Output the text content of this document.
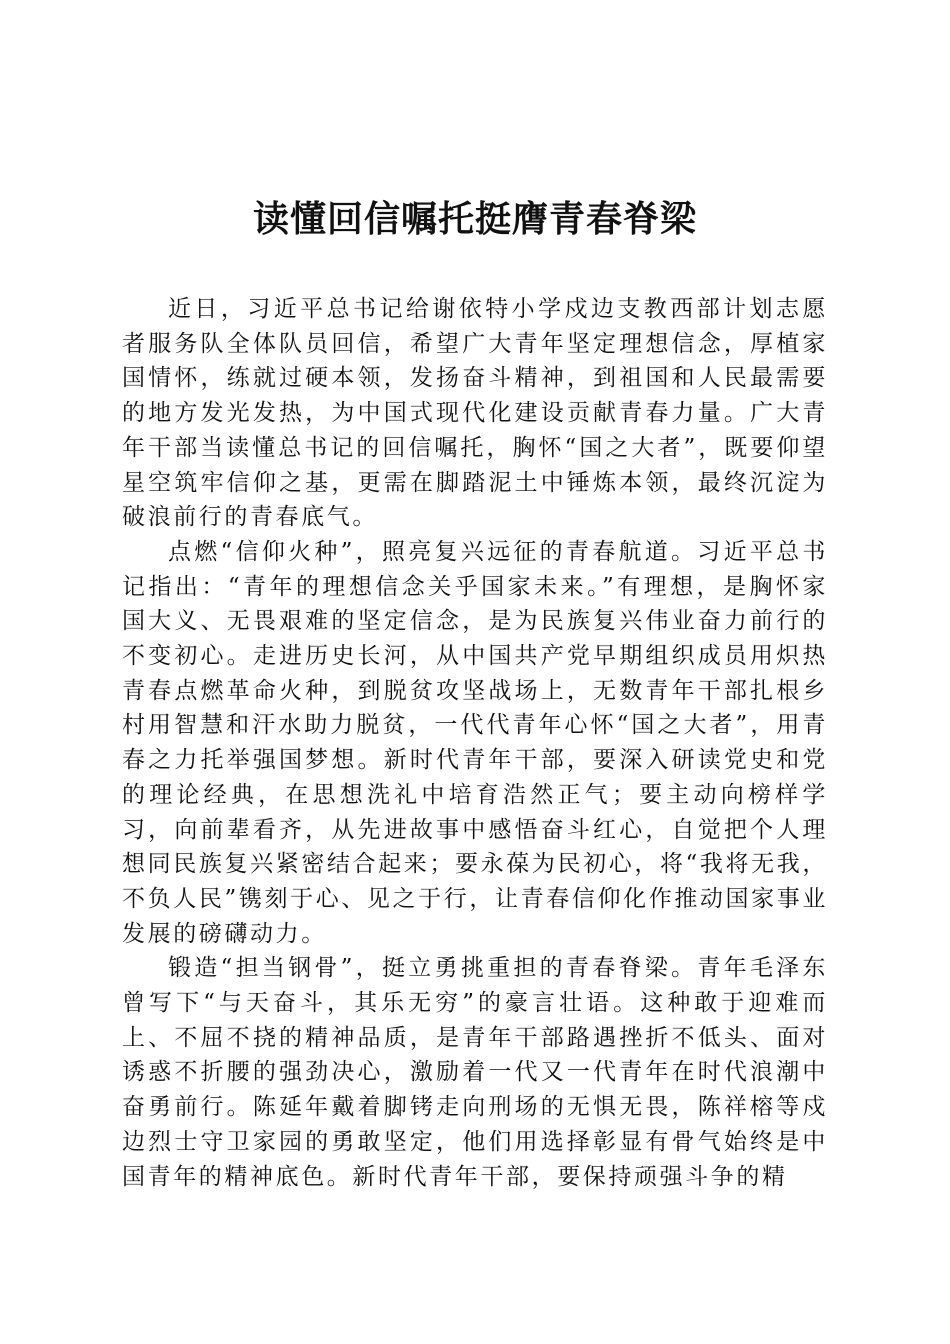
读懂回信嘱托挺膺青春脊梁

近日，习近平总书记给谢依特小学戍边支教西部计划志愿者服务队全体队员回信，希望广大青年坚定理想信念，厚植家国情怀，练就过硬本领，发扬奋斗精神，到祖国和人民最需要的地方发光发热，为中国式现代化建设贡献青春力量。广大青年干部当读懂总书记的回信嘱托，胸怀“国之大者”，既要仰望星空筑牢信仰之基，更需在脚踏泥土中锤炼本领，最终沉淀为破浪前行的青春底气。

点燃“信仰火种”，照亮复兴远征的青春航道。习近平总书记指出：“青年的理想信念关乎国家未来。”有理想，是胸怀家国大义、无畏艰难的坚定信念，是为民族复兴伟业奋力前行的不变初心。走进历史长河，从中国共产党早期组织成员用炽热青春点燃革命火种，到脱贫攻坚战场上，无数青年干部扎根乡村用智慧和汗水助力脱贫，一代代青年心怀“国之大者”，用青春之力托举强国梦想。新时代青年干部，要深入研读党史和党的理论经典，在思想洗礼中培育浩然正气；要主动向榜样学习，向前辈看齐，从先进故事中感悟奋斗红心，自觉把个人理想同民族复兴紧密结合起来；要永葆为民初心，将“我将无我，不负人民”镌刻于心、见之于行，让青春信仰化作推动国家事业发展的磅礴动力。

锻造“担当钢骨”，挺立勇挑重担的青春脊梁。青年毛泽东曾写下“与天奋斗，其乐无穷”的豪言壮语。这种敢于迎难而上、不屈不挠的精神品质，是青年干部路遇挫折不低头、面对诱惑不折腰的强劲决心，激励着一代又一代青年在时代浪潮中奋勇前行。陈延年戴着脚铐走向刑场的无惧无畏，陈祥榕等戍边烈士守卫家园的勇敢坚定，他们用选择彰显有骨气始终是中国青年的精神底色。新时代青年干部，要保持顽强斗争的精
